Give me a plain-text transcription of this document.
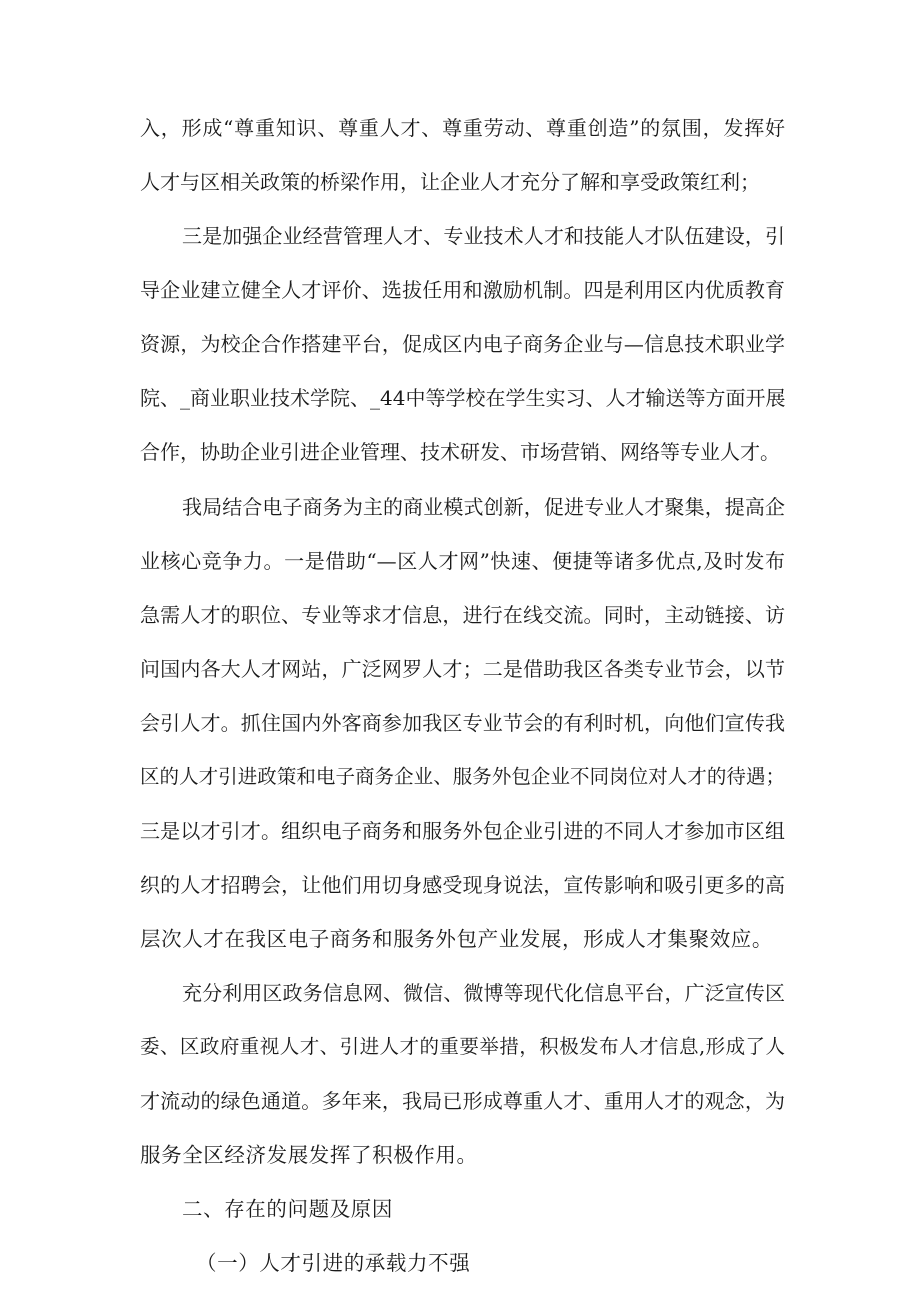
入，形成“尊重知识、尊重人才、尊重劳动、尊重创造”的氛围，发挥好
人才与区相关政策的桥梁作用，让企业人才充分了解和享受政策红利；
三是加强企业经营管理人才、专业技术人才和技能人才队伍建设，引
导企业建立健全人才评价、选拔任用和激励机制。四是利用区内优质教育
资源，为校企合作搭建平台，促成区内电子商务企业与—信息技术职业学
院、_商业职业技术学院、_44中等学校在学生实习、人才输送等方面开展
合作，协助企业引进企业管理、技术研发、市场营销、网络等专业人才。
我局结合电子商务为主的商业模式创新，促进专业人才聚集，提高企
业核心竞争力。一是借助“—区人才网”快速、便捷等诸多优点,及时发布
急需人才的职位、专业等求才信息，进行在线交流。同时，主动链接、访
问国内各大人才网站，广泛网罗人才；二是借助我区各类专业节会，以节
会引人才。抓住国内外客商参加我区专业节会的有利时机，向他们宣传我
区的人才引进政策和电子商务企业、服务外包企业不同岗位对人才的待遇；
三是以才引才。组织电子商务和服务外包企业引进的不同人才参加市区组
织的人才招聘会，让他们用切身感受现身说法，宣传影响和吸引更多的高
层次人才在我区电子商务和服务外包产业发展，形成人才集聚效应。
充分利用区政务信息网、微信、微博等现代化信息平台，广泛宣传区
委、区政府重视人才、引进人才的重要举措，积极发布人才信息,形成了人
才流动的绿色通道。多年来，我局已形成尊重人才、重用人才的观念，为
服务全区经济发展发挥了积极作用。
二、存在的问题及原因
（一）人才引进的承载力不强
